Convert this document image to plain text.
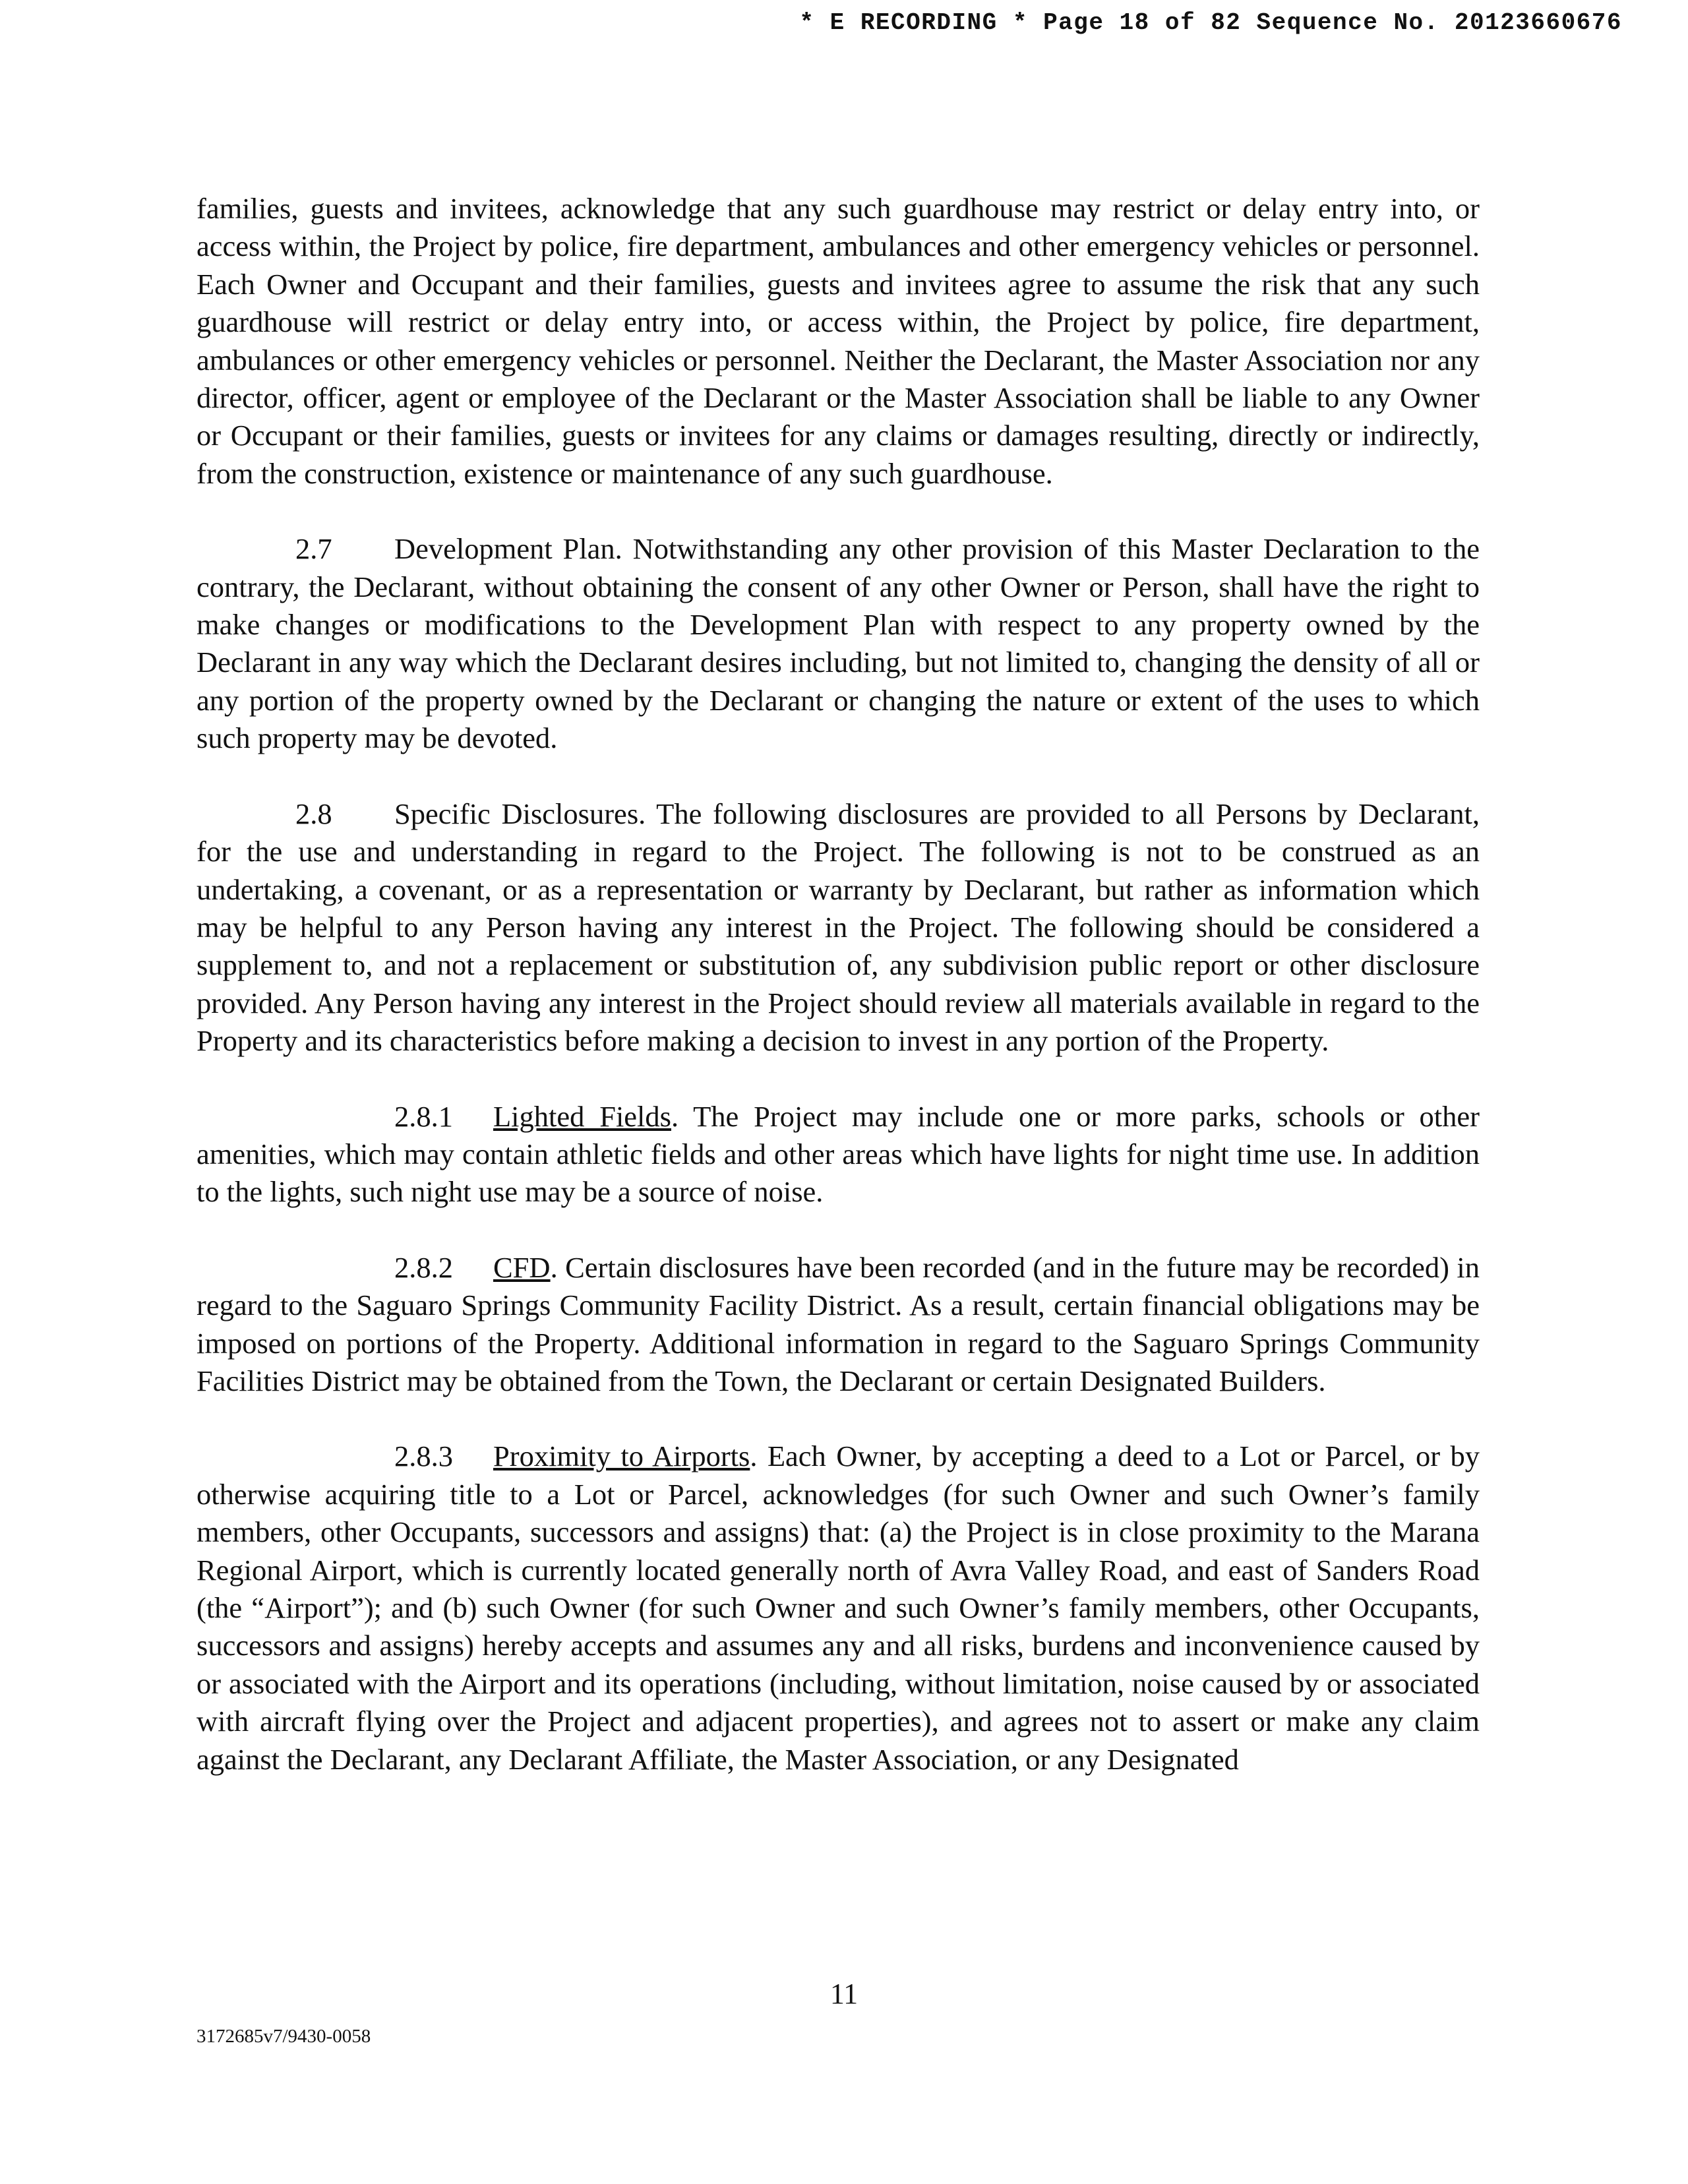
* E RECORDING * Page 18 of 82 Sequence No. 20123660676

families, guests and invitees, acknowledge that any such guardhouse may restrict or delay entry into, or access within, the Project by police, fire department, ambulances and other emergency vehicles or personnel. Each Owner and Occupant and their families, guests and invitees agree to assume the risk that any such guardhouse will restrict or delay entry into, or access within, the Project by police, fire department, ambulances or other emergency vehicles or personnel. Neither the Declarant, the Master Association nor any director, officer, agent or employee of the Declarant or the Master Association shall be liable to any Owner or Occupant or their families, guests or invitees for any claims or damages resulting, directly or indirectly, from the construction, existence or maintenance of any such guardhouse.

2.7 Development Plan. Notwithstanding any other provision of this Master Declaration to the contrary, the Declarant, without obtaining the consent of any other Owner or Person, shall have the right to make changes or modifications to the Development Plan with respect to any property owned by the Declarant in any way which the Declarant desires including, but not limited to, changing the density of all or any portion of the property owned by the Declarant or changing the nature or extent of the uses to which such property may be devoted.

2.8 Specific Disclosures. The following disclosures are provided to all Persons by Declarant, for the use and understanding in regard to the Project. The following is not to be construed as an undertaking, a covenant, or as a representation or warranty by Declarant, but rather as information which may be helpful to any Person having any interest in the Project. The following should be considered a supplement to, and not a replacement or substitution of, any subdivision public report or other disclosure provided. Any Person having any interest in the Project should review all materials available in regard to the Property and its characteristics before making a decision to invest in any portion of the Property.

2.8.1 Lighted Fields. The Project may include one or more parks, schools or other amenities, which may contain athletic fields and other areas which have lights for night time use. In addition to the lights, such night use may be a source of noise.

2.8.2 CFD. Certain disclosures have been recorded (and in the future may be recorded) in regard to the Saguaro Springs Community Facility District. As a result, certain financial obligations may be imposed on portions of the Property. Additional information in regard to the Saguaro Springs Community Facilities District may be obtained from the Town, the Declarant or certain Designated Builders.

2.8.3 Proximity to Airports. Each Owner, by accepting a deed to a Lot or Parcel, or by otherwise acquiring title to a Lot or Parcel, acknowledges (for such Owner and such Owner’s family members, other Occupants, successors and assigns) that: (a) the Project is in close proximity to the Marana Regional Airport, which is currently located generally north of Avra Valley Road, and east of Sanders Road (the “Airport”); and (b) such Owner (for such Owner and such Owner’s family members, other Occupants, successors and assigns) hereby accepts and assumes any and all risks, burdens and inconvenience caused by or associated with the Airport and its operations (including, without limitation, noise caused by or associated with aircraft flying over the Project and adjacent properties), and agrees not to assert or make any claim against the Declarant, any Declarant Affiliate, the Master Association, or any Designated

11
3172685v7/9430-0058
